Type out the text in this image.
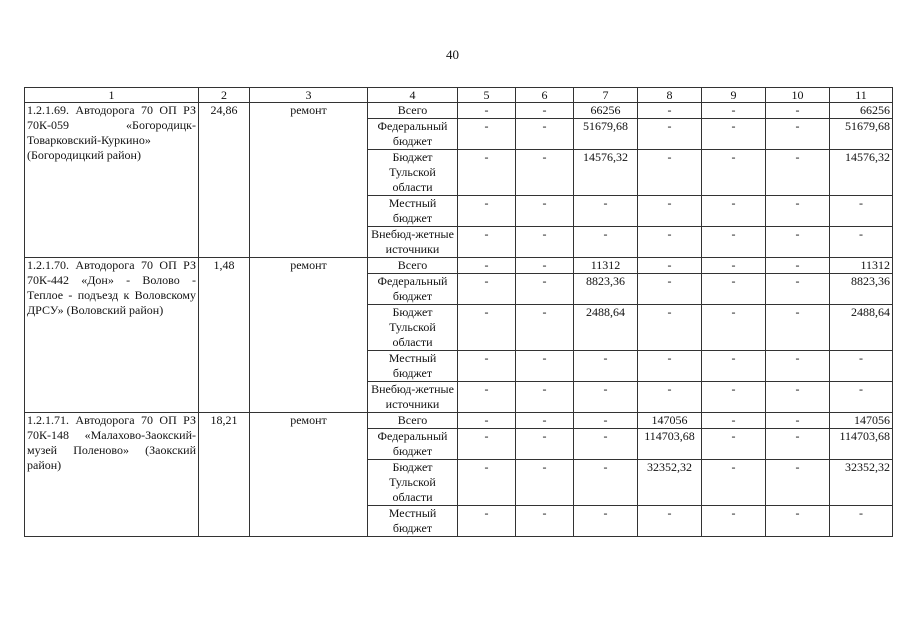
40
1	2	3	4	5	6	7	8	9	10	11
1.2.1.69. Автодорога 70 ОП РЗ 70К-059 «Богородицк-Товарковский-Куркино» (Богородицкий район)	24,86	ремонт	Всего	-	-	66256	-	-	-	66256
			Федеральный бюджет	-	-	51679,68	-	-	-	51679,68
			Бюджет Тульской области	-	-	14576,32	-	-	-	14576,32
			Местный бюджет	-	-	-	-	-	-	-
			Внебюд-жетные источники	-	-	-	-	-	-	-
1.2.1.70. Автодорога 70 ОП РЗ 70К-442 «Дон» - Волово - Теплое - подъезд к Воловскому ДРСУ» (Воловский район)	1,48	ремонт	Всего	-	-	11312	-	-	-	11312
			Федеральный бюджет	-	-	8823,36	-	-	-	8823,36
			Бюджет Тульской области	-	-	2488,64	-	-	-	2488,64
			Местный бюджет	-	-	-	-	-	-	-
			Внебюд-жетные источники	-	-	-	-	-	-	-
1.2.1.71. Автодорога 70 ОП РЗ 70К-148 «Малахово-Заокский-музей Поленово» (Заокский район)	18,21	ремонт	Всего	-	-	-	147056	-	-	147056
			Федеральный бюджет	-	-	-	114703,68	-	-	114703,68
			Бюджет Тульской области	-	-	-	32352,32	-	-	32352,32
			Местный бюджет	-	-	-	-	-	-	-
